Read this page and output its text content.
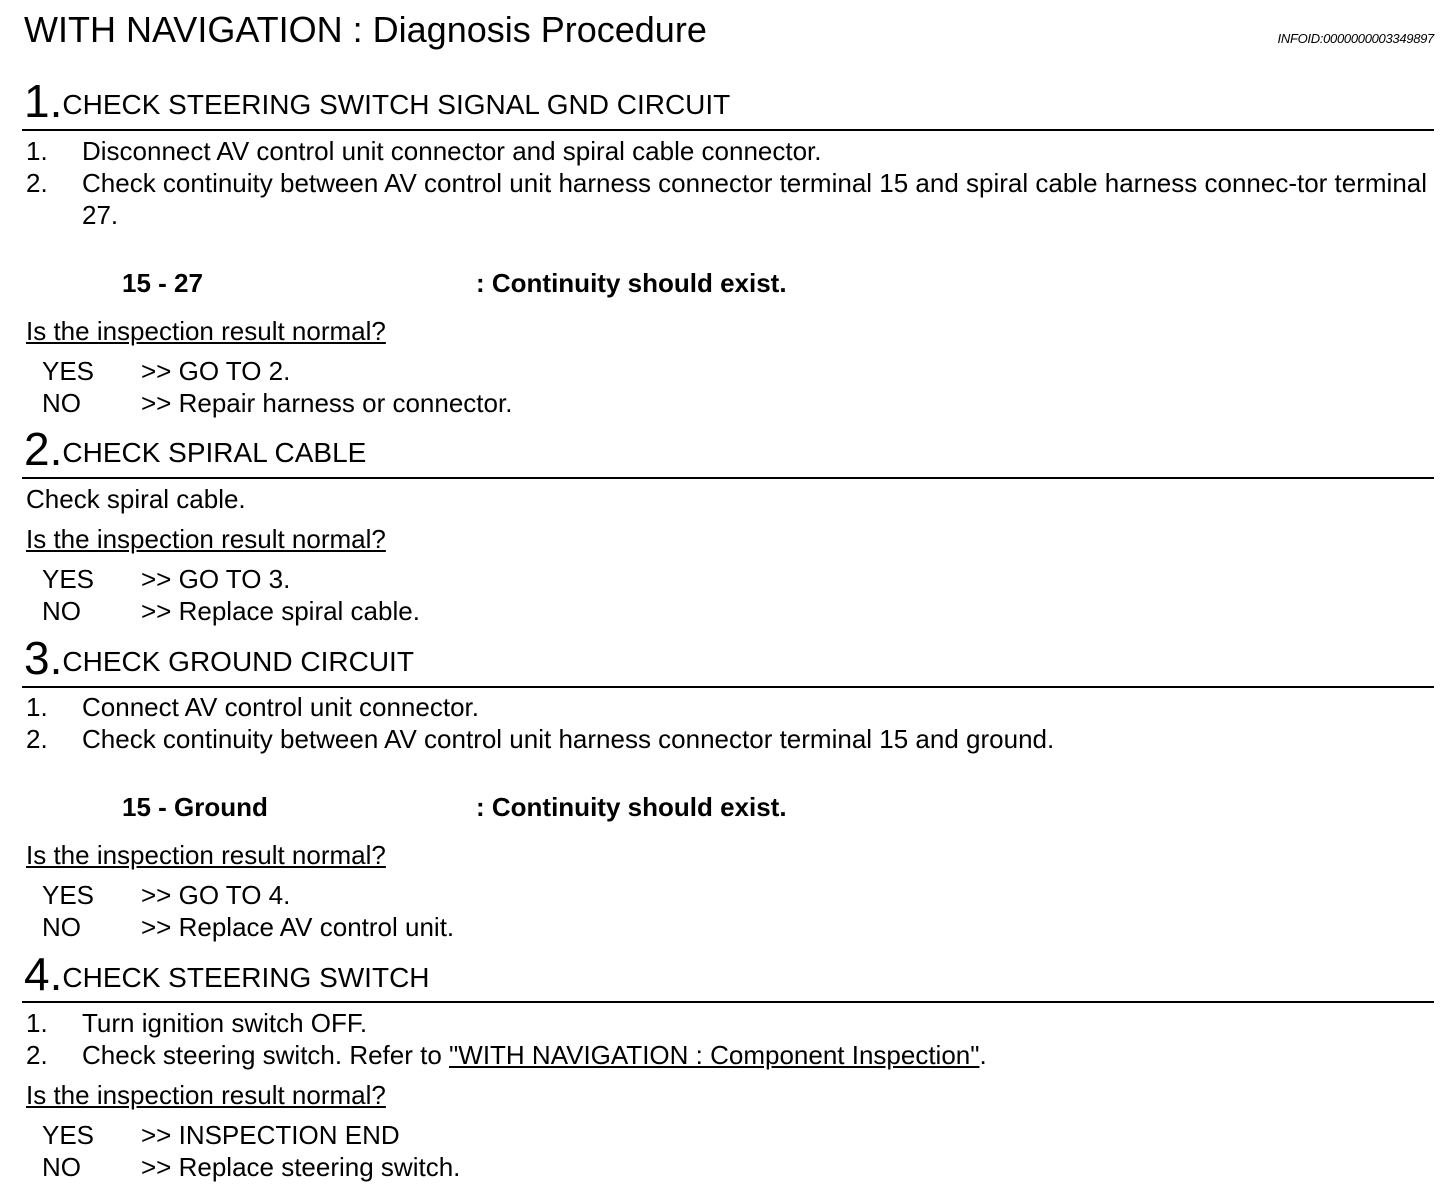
WITH NAVIGATION : Diagnosis Procedure	INFOID:0000000003349897
1.CHECK STEERING SWITCH SIGNAL GND CIRCUIT
1. Disconnect AV control unit connector and spiral cable connector.
2. Check continuity between AV control unit harness connector terminal 15 and spiral cable harness connec-tor terminal 27.
15 - 27	: Continuity should exist.
Is the inspection result normal?
YES >> GO TO 2.
NO >> Repair harness or connector.
2.CHECK SPIRAL CABLE
Check spiral cable.
Is the inspection result normal?
YES >> GO TO 3.
NO >> Replace spiral cable.
3.CHECK GROUND CIRCUIT
1. Connect AV control unit connector.
2. Check continuity between AV control unit harness connector terminal 15 and ground.
15 - Ground	: Continuity should exist.
Is the inspection result normal?
YES >> GO TO 4.
NO >> Replace AV control unit.
4.CHECK STEERING SWITCH
1. Turn ignition switch OFF.
2. Check steering switch. Refer to "WITH NAVIGATION : Component Inspection".
Is the inspection result normal?
YES >> INSPECTION END
NO >> Replace steering switch.
